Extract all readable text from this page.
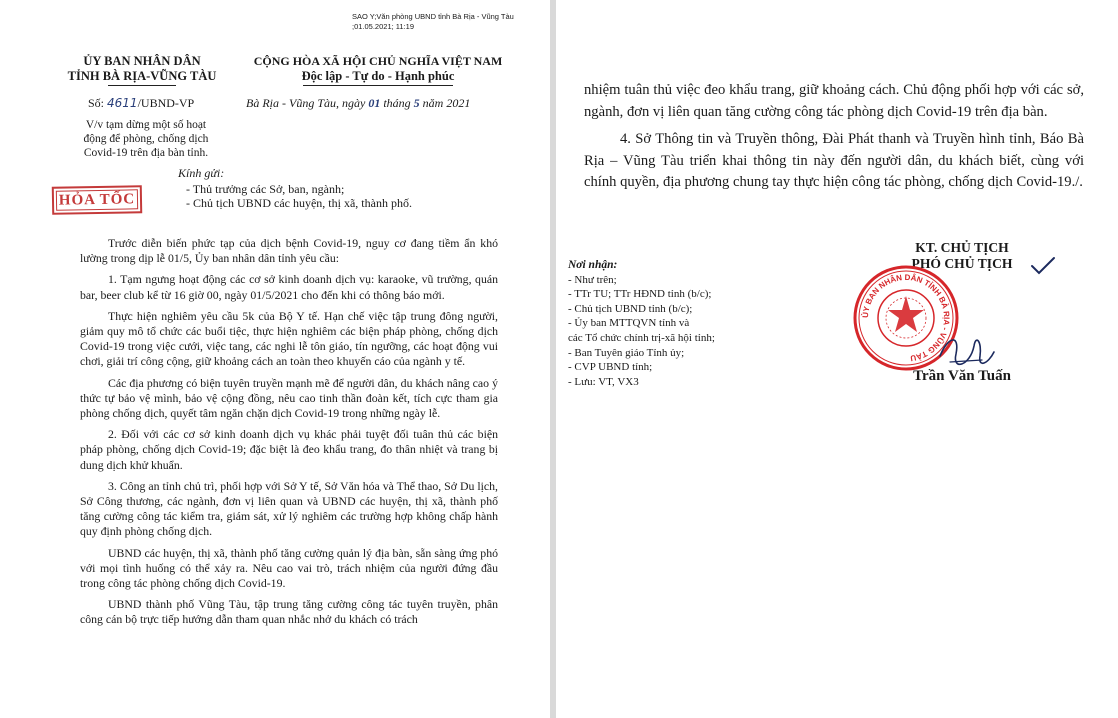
SAO Y;Văn phòng UBND tỉnh Bà Rịa - Vũng Tàu
;01.05.2021; 11:19
ỦY BAN NHÂN DÂN
TỈNH BÀ RỊA-VŨNG TÀU
CỘNG HÒA XÃ HỘI CHỦ NGHĨA VIỆT NAM
Độc lập - Tự do - Hạnh phúc
Số: 4611/UBND-VP	Bà Rịa - Vũng Tàu, ngày 01 tháng 5 năm 2021
V/v tạm dừng một số hoạt
động để phòng, chống dịch
Covid-19 trên địa bàn tỉnh.
HỎA TỐC
Kính gửi:
- Thủ trưởng các Sở, ban, ngành;
- Chủ tịch UBND các huyện, thị xã, thành phố.

Trước diễn biến phức tạp của dịch bệnh Covid-19, nguy cơ đang tiềm ẩn khó lường trong dịp lễ 01/5, Ủy ban nhân dân tỉnh yêu cầu:

1. Tạm ngưng hoạt động các cơ sở kinh doanh dịch vụ: karaoke, vũ trường, quán bar, beer club kể từ 16 giờ 00, ngày 01/5/2021 cho đến khi có thông báo mới.

Thực hiện nghiêm yêu cầu 5k của Bộ Y tế. Hạn chế việc tập trung đông người, giảm quy mô tổ chức các buổi tiệc, thực hiện nghiêm các biện pháp phòng, chống dịch Covid-19 trong việc cưới, việc tang, các nghi lễ tôn giáo, tín ngưỡng, các hoạt động vui chơi, giải trí công cộng, giữ khoảng cách an toàn theo khuyến cáo của ngành y tế.

Các địa phương có biện tuyên truyền mạnh mẽ để người dân, du khách nâng cao ý thức tự bảo vệ mình, bảo vệ cộng đồng, nêu cao tinh thần đoàn kết, tích cực tham gia phòng chống dịch, quyết tâm ngăn chặn dịch Covid-19 trong những ngày lễ.

2. Đối với các cơ sở kinh doanh dịch vụ khác phải tuyệt đối tuân thủ các biện pháp phòng, chống dịch Covid-19; đặc biệt là đeo khẩu trang, đo thân nhiệt và trang bị dung dịch khử khuẩn.

3. Công an tỉnh chủ trì, phối hợp với Sở Y tế, Sở Văn hóa và Thể thao, Sở Du lịch, Sở Công thương, các ngành, đơn vị liên quan và UBND các huyện, thị xã, thành phố tăng cường công tác kiểm tra, giám sát, xử lý nghiêm các trường hợp không chấp hành quy định phòng chống dịch.

UBND các huyện, thị xã, thành phố tăng cường quản lý địa bàn, sẵn sàng ứng phó với mọi tình huống có thể xảy ra. Nêu cao vai trò, trách nhiệm của người đứng đầu trong công tác phòng chống dịch Covid-19.

UBND thành phố Vũng Tàu, tập trung tăng cường công tác tuyên truyền, phân công cán bộ trực tiếp hướng dẫn tham quan nhắc nhở du khách có trách

nhiệm tuân thủ việc đeo khẩu trang, giữ khoảng cách. Chủ động phối hợp với các sở, ngành, đơn vị liên quan tăng cường công tác phòng dịch Covid-19 trên địa bàn.

4. Sở Thông tin và Truyền thông, Đài Phát thanh và Truyền hình tỉnh, Báo Bà Rịa – Vũng Tàu triển khai thông tin này đến người dân, du khách biết, cùng với chính quyền, địa phương chung tay thực hiện công tác phòng, chống dịch Covid-19./.

Nơi nhận:
- Như trên;
- TTr TU; TTr HĐND tỉnh (b/c);
- Chủ tịch UBND tỉnh (b/c);
- Ủy ban MTTQVN tỉnh và
các Tổ chức chính trị-xã hội tỉnh;
- Ban Tuyên giáo Tỉnh ủy;
- CVP UBND tỉnh;
- Lưu: VT, VX3
KT. CHỦ TỊCH
PHÓ CHỦ TỊCH
Trần Văn Tuấn
ỦY BAN NHÂN DÂN TỈNH BÀ RỊA - VŨNG TÀU
